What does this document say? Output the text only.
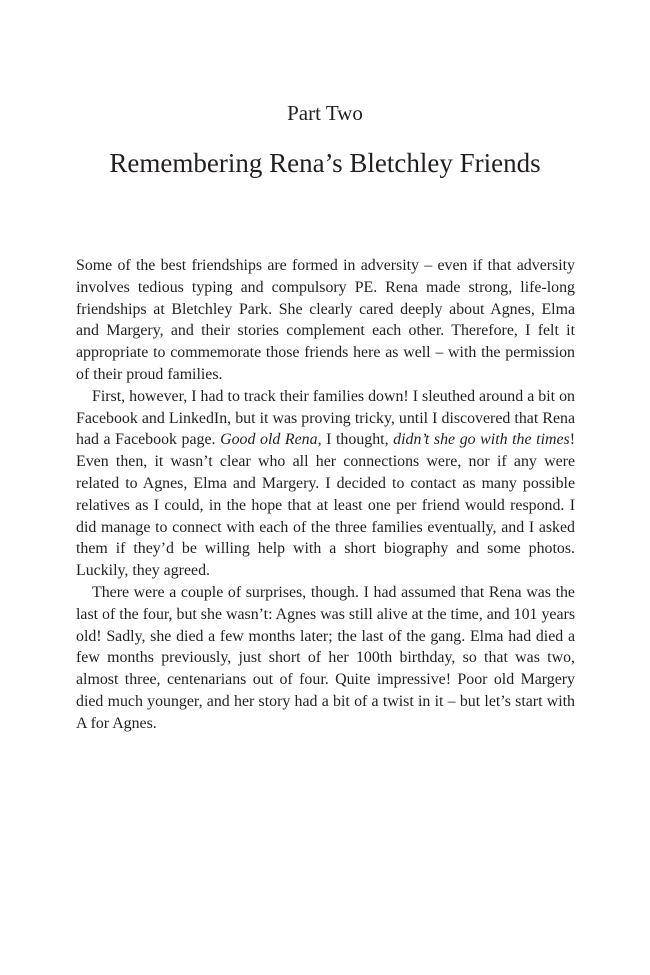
Part Two
Remembering Rena’s Bletchley Friends

Some of the best friendships are formed in adversity – even if that adversity involves tedious typing and compulsory PE. Rena made strong, life-long friendships at Bletchley Park. She clearly cared deeply about Agnes, Elma and Margery, and their stories complement each other. Therefore, I felt it appropriate to commemorate those friends here as well – with the permission of their proud families.

First, however, I had to track their families down! I sleuthed around a bit on Facebook and LinkedIn, but it was proving tricky, until I discovered that Rena had a Facebook page. Good old Rena, I thought, didn’t she go with the times! Even then, it wasn’t clear who all her connections were, nor if any were related to Agnes, Elma and Margery. I decided to contact as many possible relatives as I could, in the hope that at least one per friend would respond. I did manage to connect with each of the three families eventually, and I asked them if they’d be willing help with a short biography and some photos. Luckily, they agreed.

There were a couple of surprises, though. I had assumed that Rena was the last of the four, but she wasn’t: Agnes was still alive at the time, and 101 years old! Sadly, she died a few months later; the last of the gang. Elma had died a few months previously, just short of her 100th birthday, so that was two, almost three, centenarians out of four. Quite impressive! Poor old Margery died much younger, and her story had a bit of a twist in it – but let’s start with A for Agnes.
